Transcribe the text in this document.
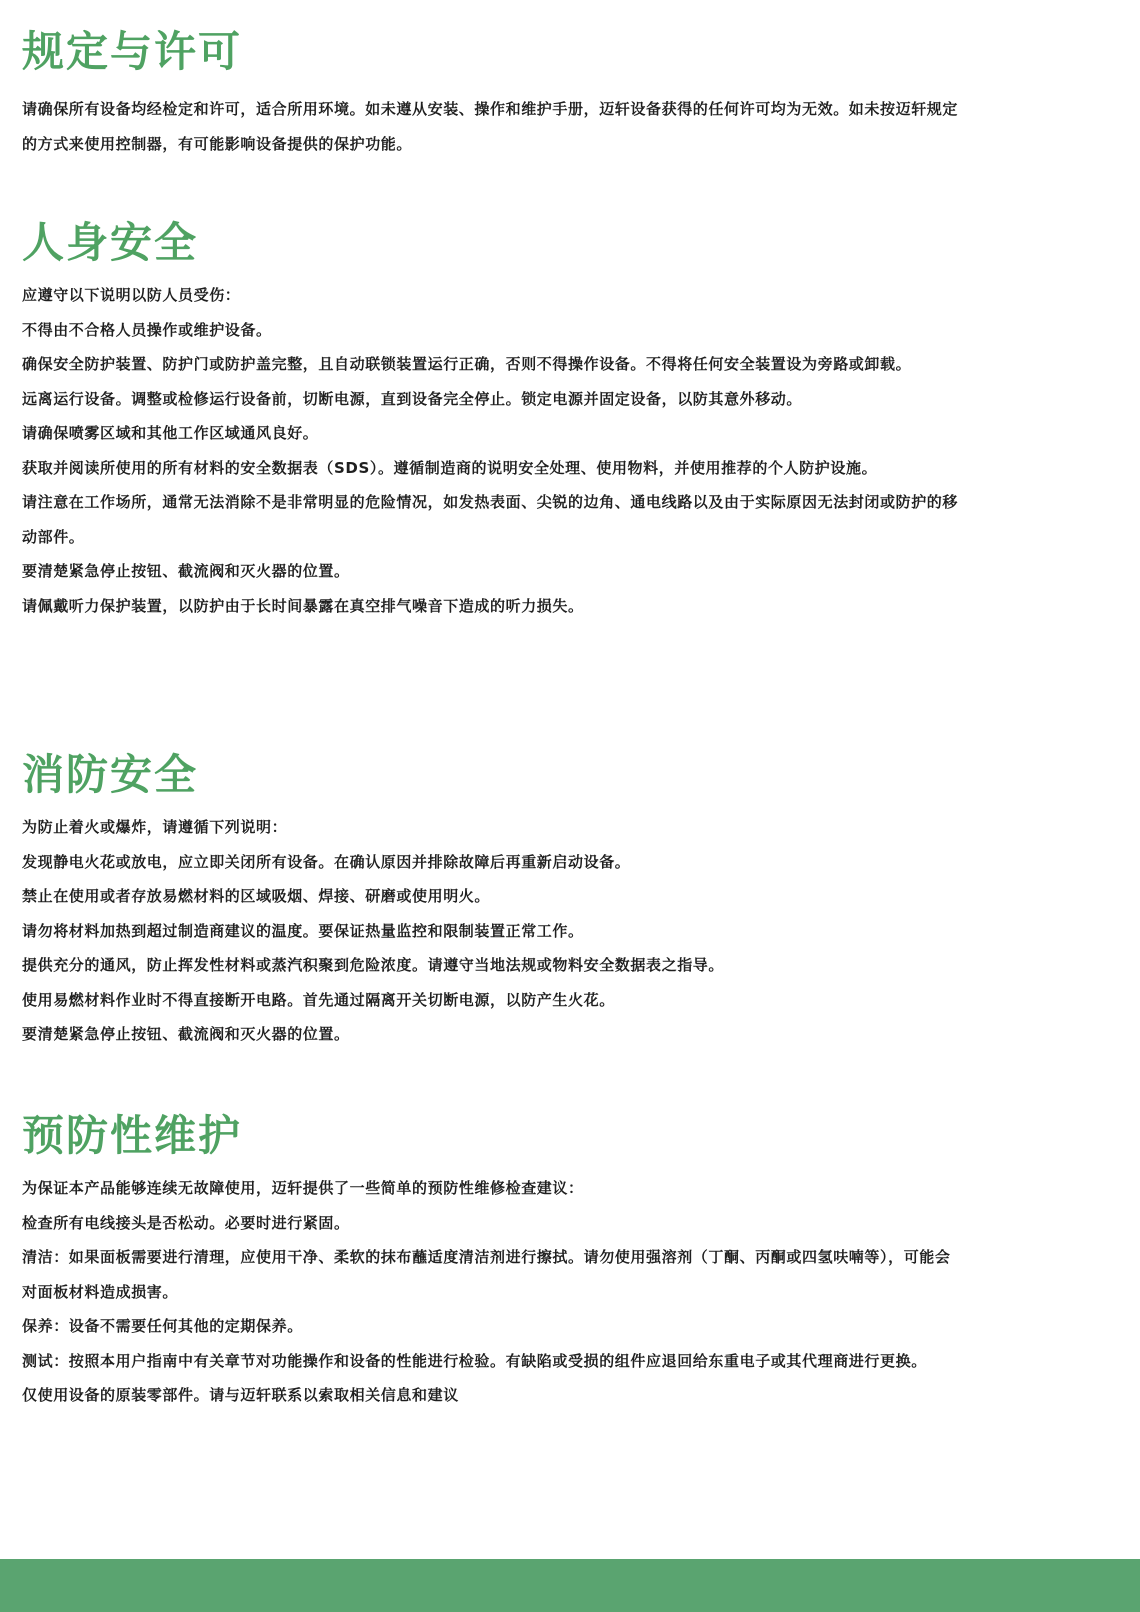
规定与许可

请确保所有设备均经检定和许可，适合所用环境。如未遵从安装、操作和维护手册，迈轩设备获得的任何许可均为无效。如未按迈轩规定的方式来使用控制器，有可能影响设备提供的保护功能。

人身安全

应遵守以下说明以防人员受伤：

不得由不合格人员操作或维护设备。

确保安全防护装置、防护门或防护盖完整，且自动联锁装置运行正确，否则不得操作设备。不得将任何安全装置设为旁路或卸载。

远离运行设备。调整或检修运行设备前，切断电源，直到设备完全停止。锁定电源并固定设备，以防其意外移动。

请确保喷雾区域和其他工作区域通风良好。

获取并阅读所使用的所有材料的安全数据表（SDS）。遵循制造商的说明安全处理、使用物料，并使用推荐的个人防护设施。

请注意在工作场所，通常无法消除不是非常明显的危险情况，如发热表面、尖锐的边角、通电线路以及由于实际原因无法封闭或防护的移动部件。

要清楚紧急停止按钮、截流阀和灭火器的位置。

请佩戴听力保护装置，以防护由于长时间暴露在真空排气噪音下造成的听力损失。

消防安全

为防止着火或爆炸，请遵循下列说明：

发现静电火花或放电，应立即关闭所有设备。在确认原因并排除故障后再重新启动设备。

禁止在使用或者存放易燃材料的区域吸烟、焊接、研磨或使用明火。

请勿将材料加热到超过制造商建议的温度。要保证热量监控和限制装置正常工作。

提供充分的通风，防止挥发性材料或蒸汽积聚到危险浓度。请遵守当地法规或物料安全数据表之指导。

使用易燃材料作业时不得直接断开电路。首先通过隔离开关切断电源，以防产生火花。

要清楚紧急停止按钮、截流阀和灭火器的位置。

预防性维护

为保证本产品能够连续无故障使用，迈轩提供了一些简单的预防性维修检查建议：

检查所有电线接头是否松动。必要时进行紧固。

清洁：如果面板需要进行清理，应使用干净、柔软的抹布蘸适度清洁剂进行擦拭。请勿使用强溶剂（丁酮、丙酮或四氢呋喃等），可能会对面板材料造成损害。

保养：设备不需要任何其他的定期保养。

测试：按照本用户指南中有关章节对功能操作和设备的性能进行检验。有缺陷或受损的组件应退回给东重电子或其代理商进行更换。

仅使用设备的原装零部件。请与迈轩联系以索取相关信息和建议
